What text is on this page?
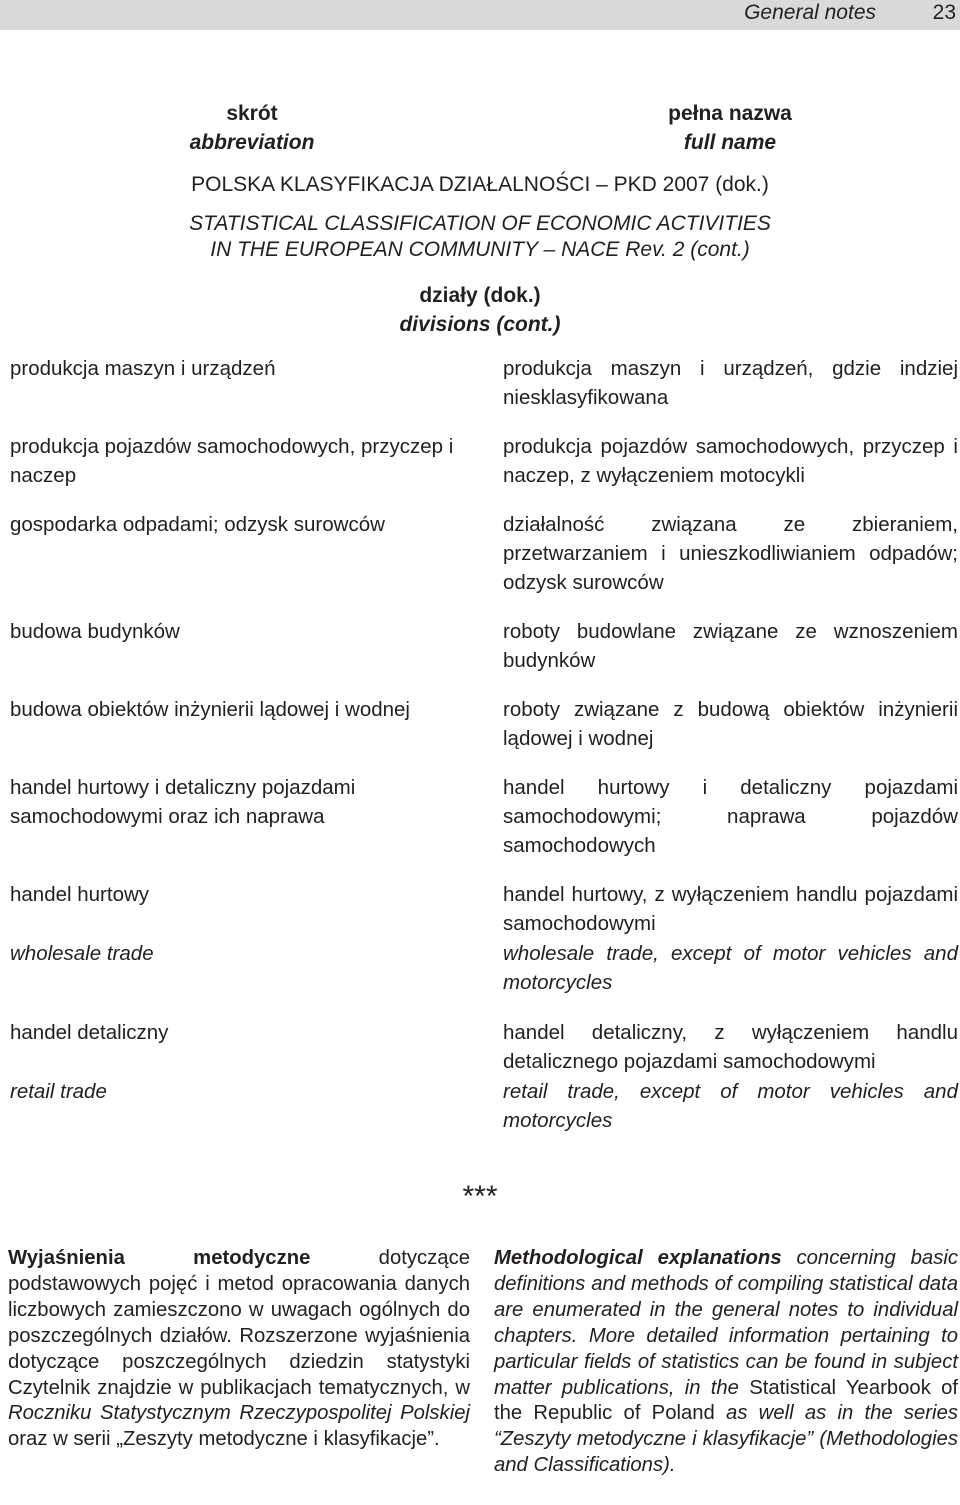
General notes	23
skrót
abbreviation
pełna nazwa
full name
POLSKA KLASYFIKACJA DZIAŁALNOŚCI – PKD 2007 (dok.)
STATISTICAL CLASSIFICATION OF ECONOMIC ACTIVITIES
IN THE EUROPEAN COMMUNITY – NACE Rev. 2 (cont.)
działy (dok.)
divisions (cont.)
produkcja maszyn i urządzeń
produkcja pojazdów samochodowych, przyczep i naczep
gospodarka odpadami; odzysk surowców
budowa budynków
budowa obiektów inżynierii lądowej i wodnej
handel hurtowy i detaliczny pojazdami samochodowymi oraz ich naprawa
handel hurtowy
wholesale trade
handel detaliczny
retail trade
produkcja maszyn i urządzeń, gdzie indziej niesklasyfikowana
produkcja pojazdów samochodowych, przyczep i naczep, z wyłączeniem motocykli
działalność związana ze zbieraniem, przetwarzaniem i unieszkodliwianiem odpadów; odzysk surowców
roboty budowlane związane ze wznoszeniem budynków
roboty związane z budową obiektów inżynierii lądowej i wodnej
handel hurtowy i detaliczny pojazdami samochodowymi; naprawa pojazdów samochodowych
handel hurtowy, z wyłączeniem handlu pojazdami samochodowymi
wholesale trade, except of motor vehicles and motorcycles
handel detaliczny, z wyłączeniem handlu detalicznego pojazdami samochodowymi
retail trade, except of motor vehicles and motorcycles
***
Wyjaśnienia metodyczne dotyczące podstawowych pojęć i metod opracowania danych liczbowych zamieszczono w uwagach ogólnych do poszczególnych działów. Rozszerzone wyjaśnienia dotyczące poszczególnych dziedzin statystyki Czytelnik znajdzie w publikacjach tematycznych, w Roczniku Statystycznym Rzeczypospolitej Polskiej oraz w serii „Zeszyty metodyczne i klasyfikacje”.
Methodological explanations concerning basic definitions and methods of compiling statistical data are enumerated in the general notes to individual chapters. More detailed information pertaining to particular fields of statistics can be found in subject matter publications, in the Statistical Yearbook of the Republic of Poland as well as in the series “Zeszyty metodyczne i klasyfikacje” (Methodologies and Classifications).
